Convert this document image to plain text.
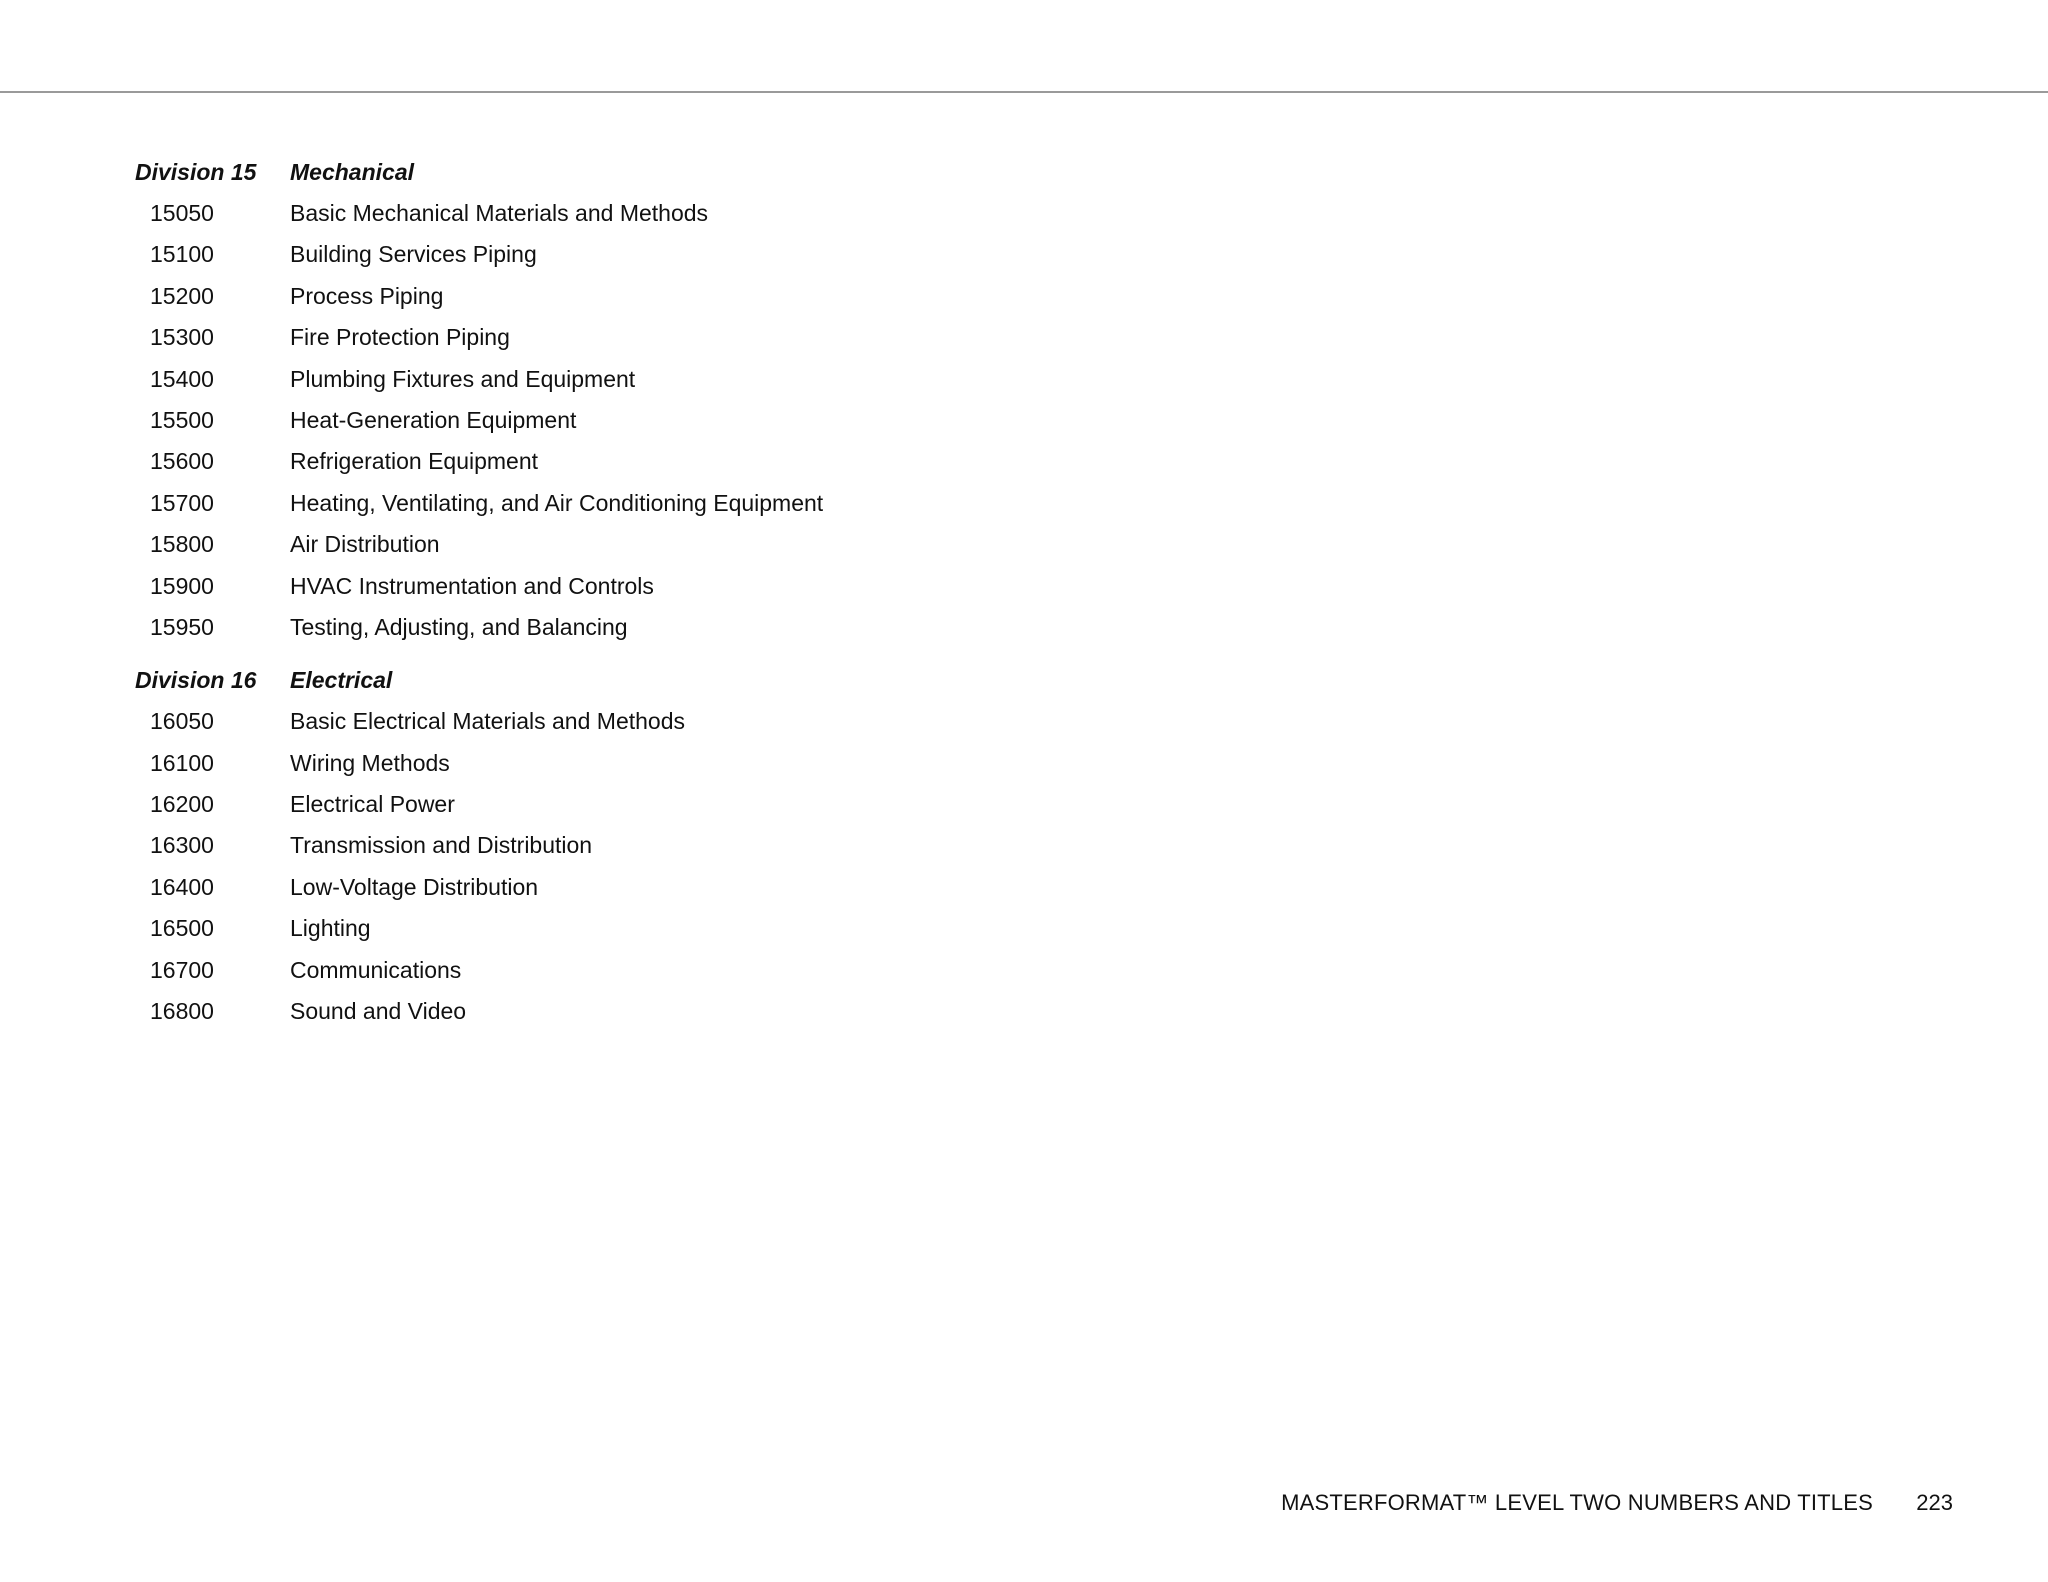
Division 15 Mechanical
15050	Basic Mechanical Materials and Methods
15100	Building Services Piping
15200	Process Piping
15300	Fire Protection Piping
15400	Plumbing Fixtures and Equipment
15500	Heat-Generation Equipment
15600	Refrigeration Equipment
15700	Heating, Ventilating, and Air Conditioning Equipment
15800	Air Distribution
15900	HVAC Instrumentation and Controls
15950	Testing, Adjusting, and Balancing
Division 16 Electrical
16050	Basic Electrical Materials and Methods
16100	Wiring Methods
16200	Electrical Power
16300	Transmission and Distribution
16400	Low-Voltage Distribution
16500	Lighting
16700	Communications
16800	Sound and Video
MASTERFORMAT™ LEVEL TWO NUMBERS AND TITLES 223
